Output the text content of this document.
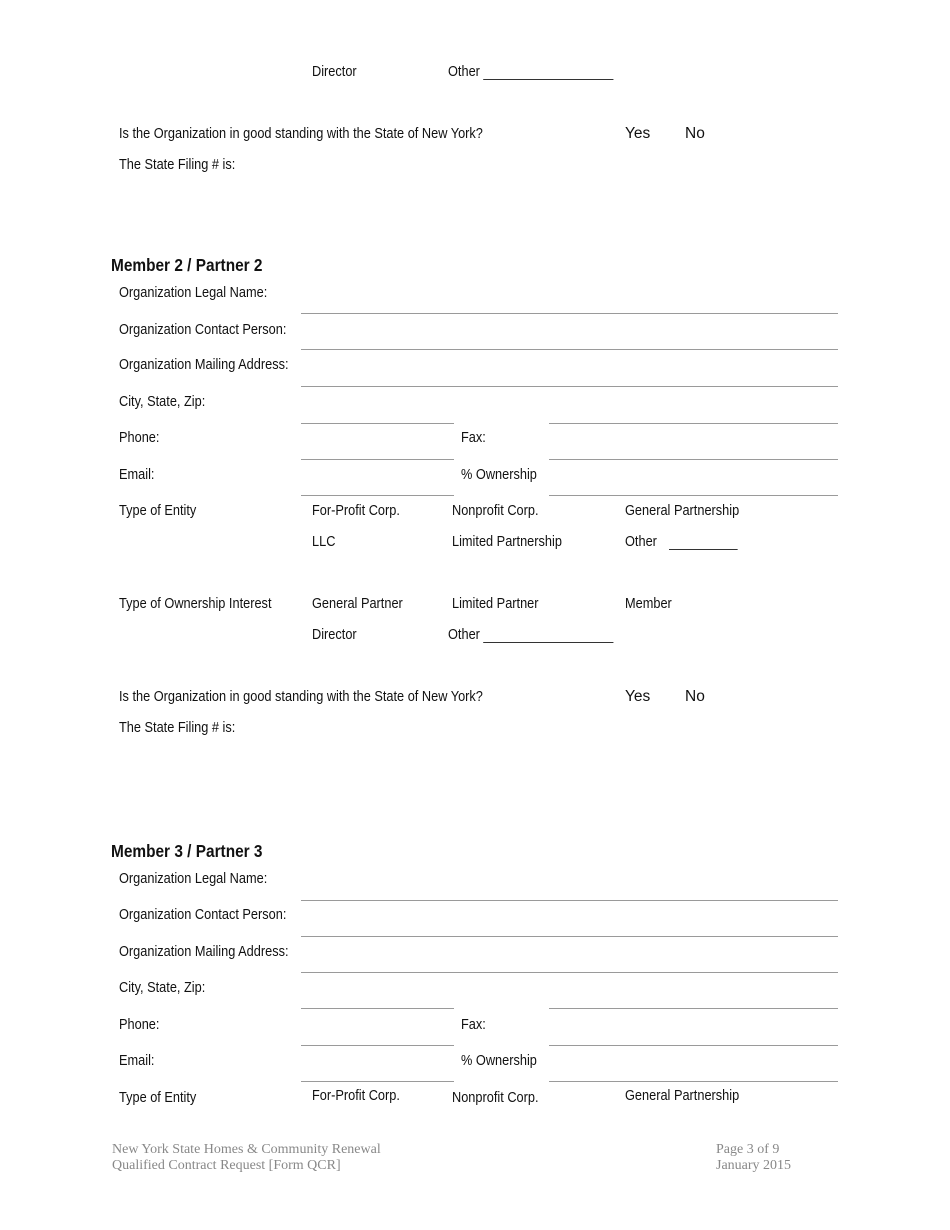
Director	Other
Is the Organization in good standing with the State of New York?	Yes No
The State Filing # is:
Member 2 / Partner 2
Organization Legal Name:
Organization Contact Person:
Organization Mailing Address:
City, State, Zip:
Phone:	Fax:
Email:	% Ownership
Type of Entity	For-Profit Corp.	Nonprofit Corp.	General Partnership
LLC	Limited Partnership	Other
Type of Ownership Interest	General Partner	Limited Partner	Member
Director	Other
Is the Organization in good standing with the State of New York?	Yes No
The State Filing # is:
Member 3 / Partner 3
Organization Legal Name:
Organization Contact Person:
Organization Mailing Address:
City, State, Zip:
Phone:	Fax:
Email:	% Ownership
Type of Entity	For-Profit Corp.	Nonprofit Corp.	General Partnership
New York State Homes & Community Renewal
Qualified Contract Request [Form QCR]
Page 3 of 9
January 2015
